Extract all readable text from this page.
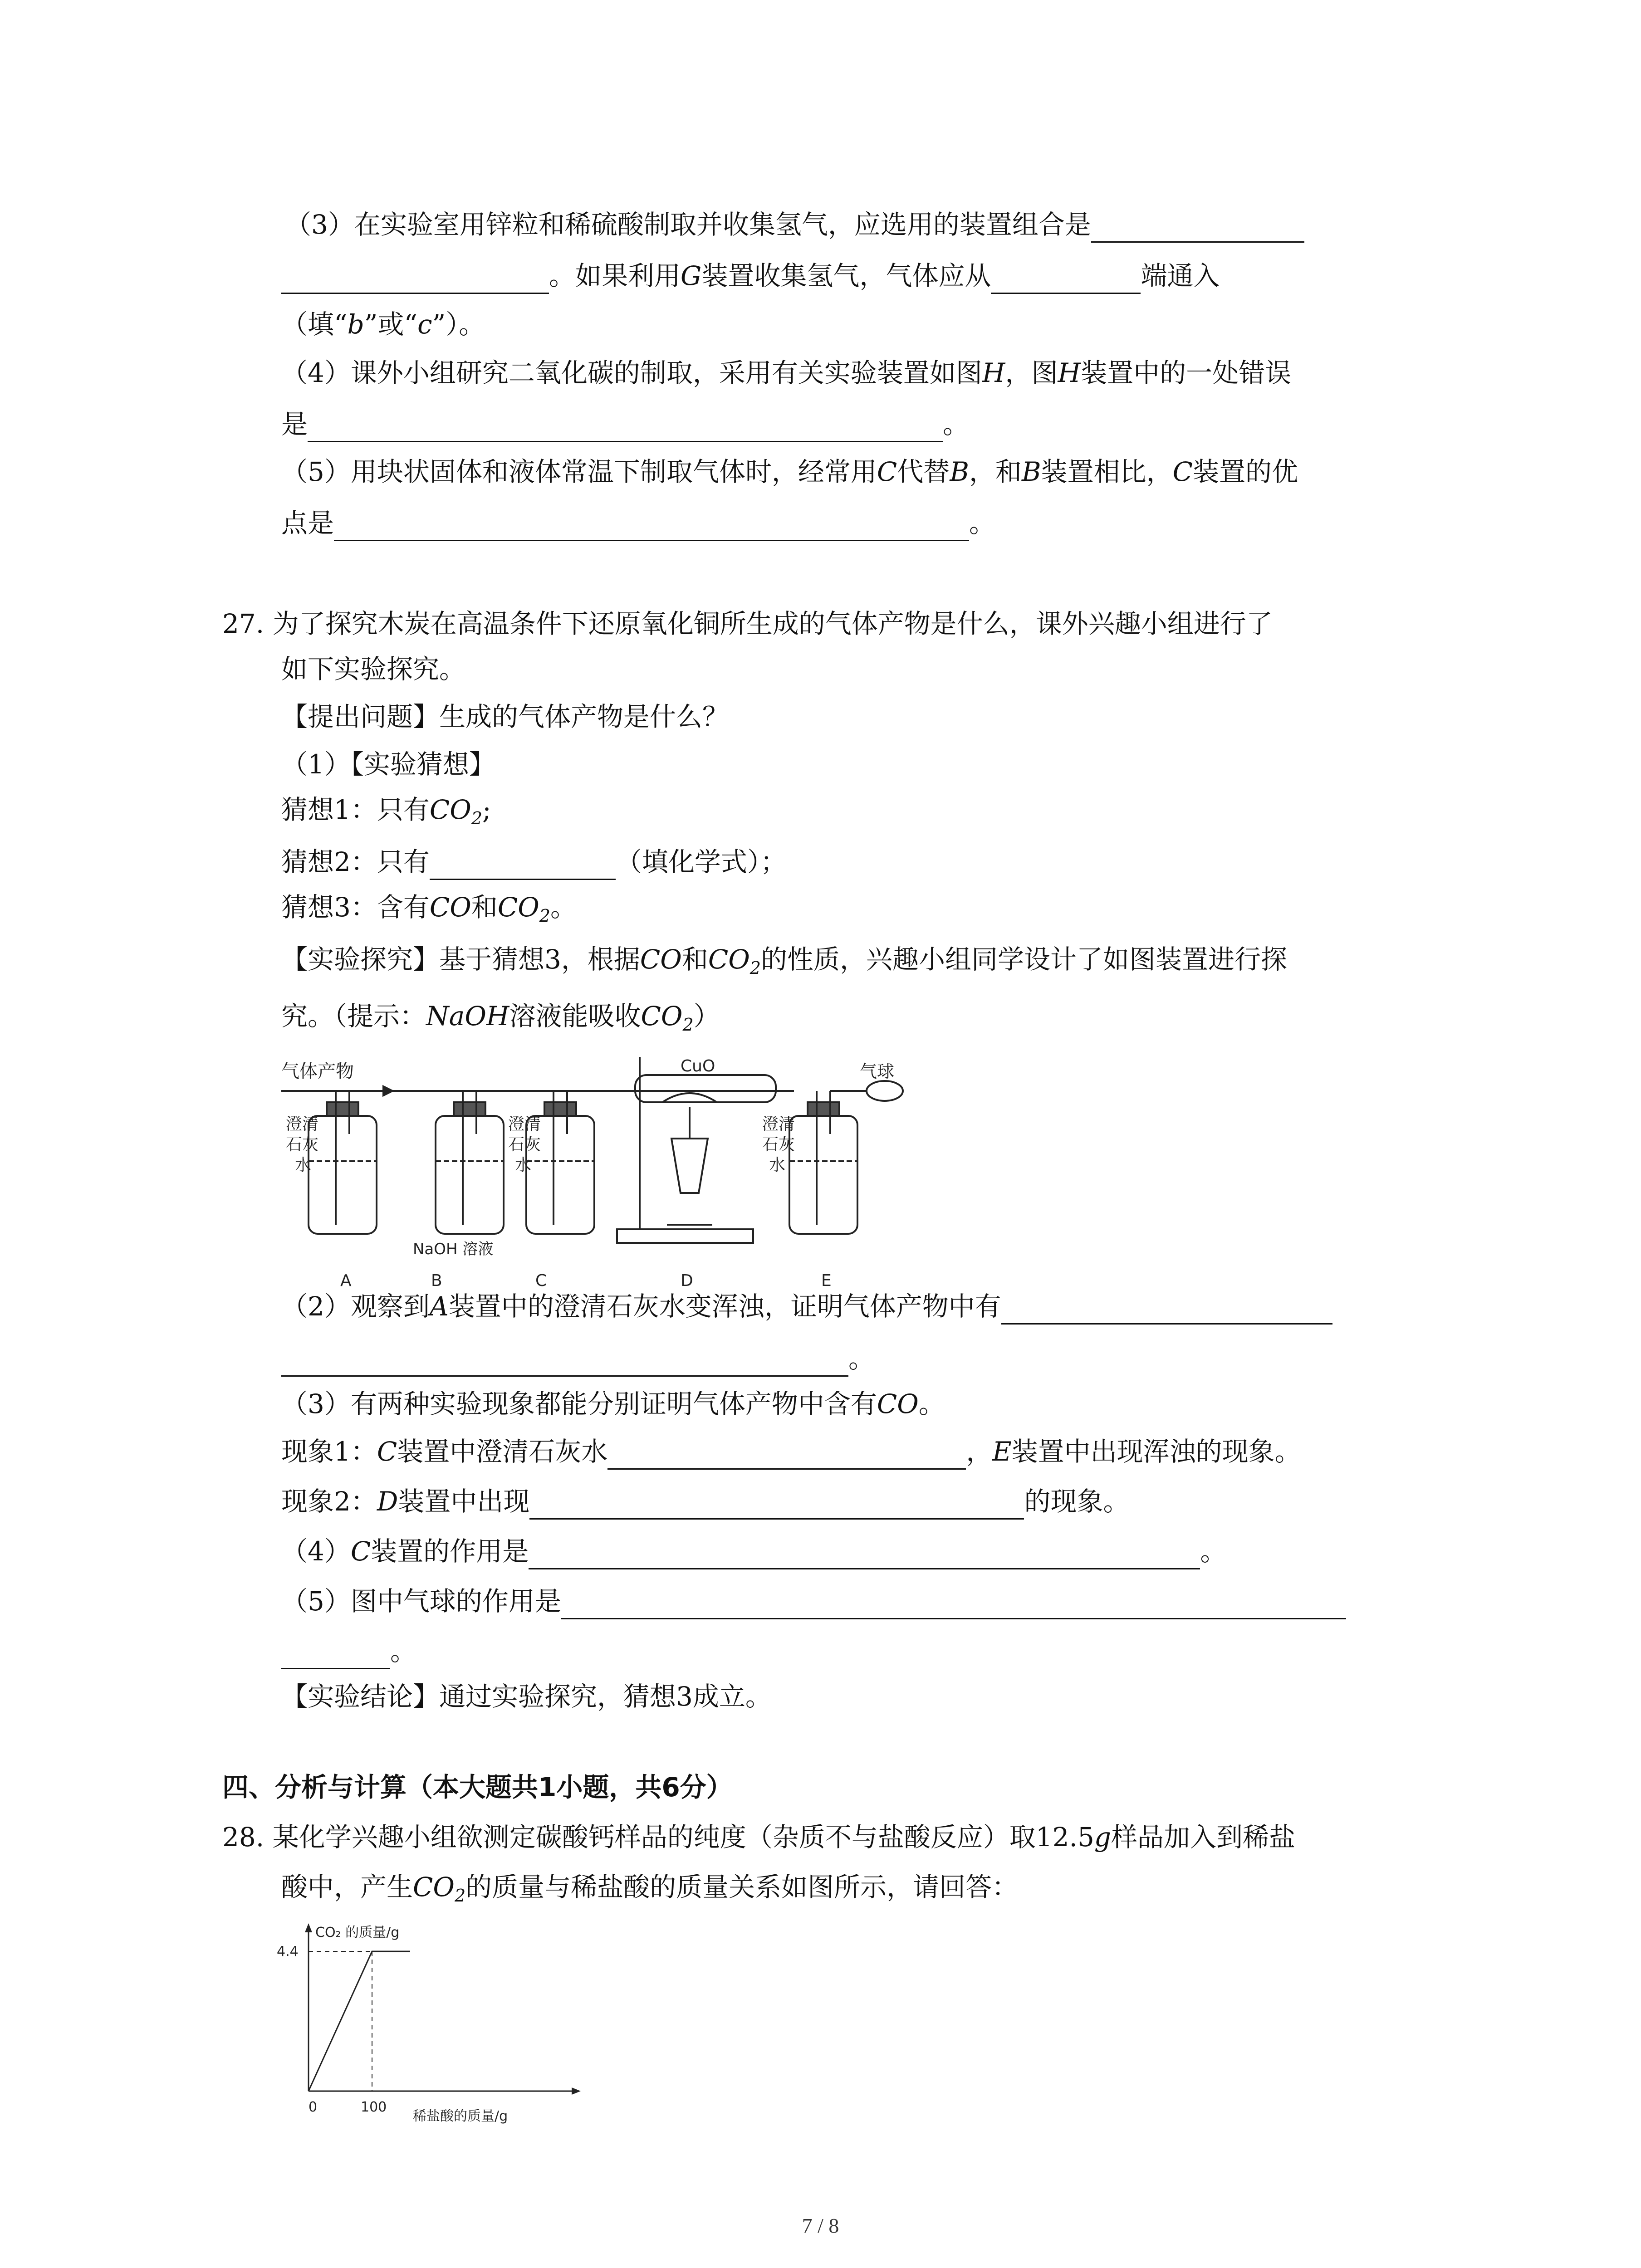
（3）在实验室用锌粒和稀硫酸制取并收集氢气，应选用的装置组合是
。如果利用G装置收集氢气，气体应从	端通入
（填“b”或“c”）。
（4）课外小组研究二氧化碳的制取，采用有关实验装置如图H，图H装置中的一处错误
是	。
（5）用块状固体和液体常温下制取气体时，经常用C代替B，和B装置相比，C装置的优
点是	。
27. 为了探究木炭在高温条件下还原氧化铜所生成的气体产物是什么，课外兴趣小组进行了
如下实验探究。
【提出问题】生成的气体产物是什么？
（1）【实验猜想】
猜想1：只有$CO_2$;
猜想2：只有	（填化学式）；
猜想3：含有CO和$CO_2$。
【实验探究】基于猜想3，根据CO和$CO_2$的性质，兴趣小组同学设计了如图装置进行探
究。（提示：NaOH溶液能吸收$CO_2$）
气体产物	CuO	气球
澄清
石灰
水
澄清
石灰
水
澄清
石灰
水
NaOH 溶液
A	B	C	D	E
（2）观察到A装置中的澄清石灰水变浑浊，证明气体产物中有
。
（3）有两种实验现象都能分别证明气体产物中含有CO。
现象1：C装置中澄清石灰水	，E装置中出现浑浊的现象。
现象2：D装置中出现	的现象。
（4）C装置的作用是	。
（5）图中气球的作用是
。
【实验结论】通过实验探究，猜想3成立。
四、分析与计算（本大题共1小题，共6分）
28. 某化学兴趣小组欲测定碳酸钙样品的纯度（杂质不与盐酸反应）取12.5g样品加入到稀盐
酸中，产生$CO_2$的质量与稀盐酸的质量关系如图所示，请回答：
CO₂ 的质量/g
稀盐酸的质量/g
0	100
4.4
7 / 8
